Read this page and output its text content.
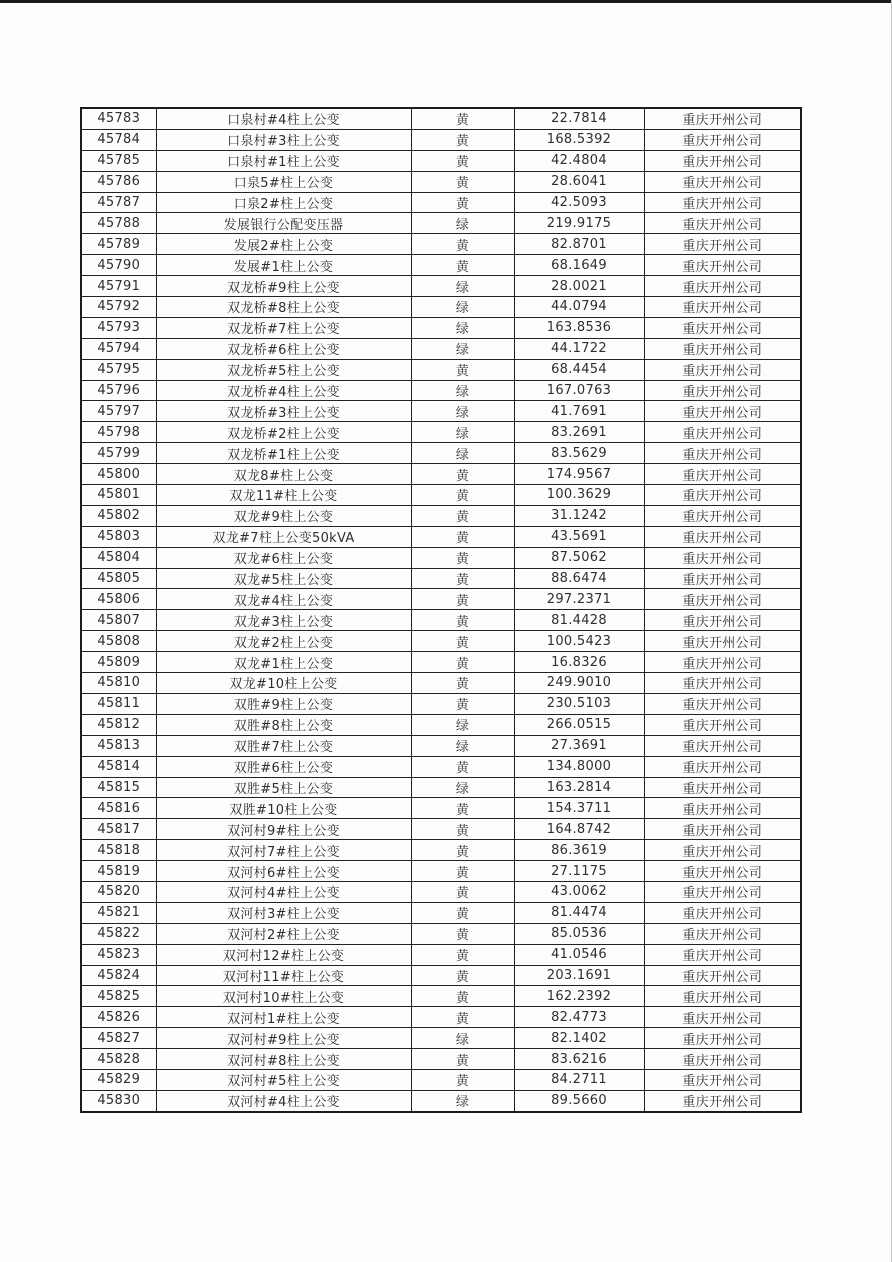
45783	口泉村#4柱上公变	黄	22.7814	重庆开州公司
45784	口泉村#3柱上公变	黄	168.5392	重庆开州公司
45785	口泉村#1柱上公变	黄	42.4804	重庆开州公司
45786	口泉5#柱上公变	黄	28.6041	重庆开州公司
45787	口泉2#柱上公变	黄	42.5093	重庆开州公司
45788	发展银行公配变压器	绿	219.9175	重庆开州公司
45789	发展2#柱上公变	黄	82.8701	重庆开州公司
45790	发展#1柱上公变	黄	68.1649	重庆开州公司
45791	双龙桥#9柱上公变	绿	28.0021	重庆开州公司
45792	双龙桥#8柱上公变	绿	44.0794	重庆开州公司
45793	双龙桥#7柱上公变	绿	163.8536	重庆开州公司
45794	双龙桥#6柱上公变	绿	44.1722	重庆开州公司
45795	双龙桥#5柱上公变	黄	68.4454	重庆开州公司
45796	双龙桥#4柱上公变	绿	167.0763	重庆开州公司
45797	双龙桥#3柱上公变	绿	41.7691	重庆开州公司
45798	双龙桥#2柱上公变	绿	83.2691	重庆开州公司
45799	双龙桥#1柱上公变	绿	83.5629	重庆开州公司
45800	双龙8#柱上公变	黄	174.9567	重庆开州公司
45801	双龙11#柱上公变	黄	100.3629	重庆开州公司
45802	双龙#9柱上公变	黄	31.1242	重庆开州公司
45803	双龙#7柱上公变50kVA	黄	43.5691	重庆开州公司
45804	双龙#6柱上公变	黄	87.5062	重庆开州公司
45805	双龙#5柱上公变	黄	88.6474	重庆开州公司
45806	双龙#4柱上公变	黄	297.2371	重庆开州公司
45807	双龙#3柱上公变	黄	81.4428	重庆开州公司
45808	双龙#2柱上公变	黄	100.5423	重庆开州公司
45809	双龙#1柱上公变	黄	16.8326	重庆开州公司
45810	双龙#10柱上公变	黄	249.9010	重庆开州公司
45811	双胜#9柱上公变	黄	230.5103	重庆开州公司
45812	双胜#8柱上公变	绿	266.0515	重庆开州公司
45813	双胜#7柱上公变	绿	27.3691	重庆开州公司
45814	双胜#6柱上公变	黄	134.8000	重庆开州公司
45815	双胜#5柱上公变	绿	163.2814	重庆开州公司
45816	双胜#10柱上公变	黄	154.3711	重庆开州公司
45817	双河村9#柱上公变	黄	164.8742	重庆开州公司
45818	双河村7#柱上公变	黄	86.3619	重庆开州公司
45819	双河村6#柱上公变	黄	27.1175	重庆开州公司
45820	双河村4#柱上公变	黄	43.0062	重庆开州公司
45821	双河村3#柱上公变	黄	81.4474	重庆开州公司
45822	双河村2#柱上公变	黄	85.0536	重庆开州公司
45823	双河村12#柱上公变	黄	41.0546	重庆开州公司
45824	双河村11#柱上公变	黄	203.1691	重庆开州公司
45825	双河村10#柱上公变	黄	162.2392	重庆开州公司
45826	双河村1#柱上公变	黄	82.4773	重庆开州公司
45827	双河村#9柱上公变	绿	82.1402	重庆开州公司
45828	双河村#8柱上公变	黄	83.6216	重庆开州公司
45829	双河村#5柱上公变	黄	84.2711	重庆开州公司
45830	双河村#4柱上公变	绿	89.5660	重庆开州公司
